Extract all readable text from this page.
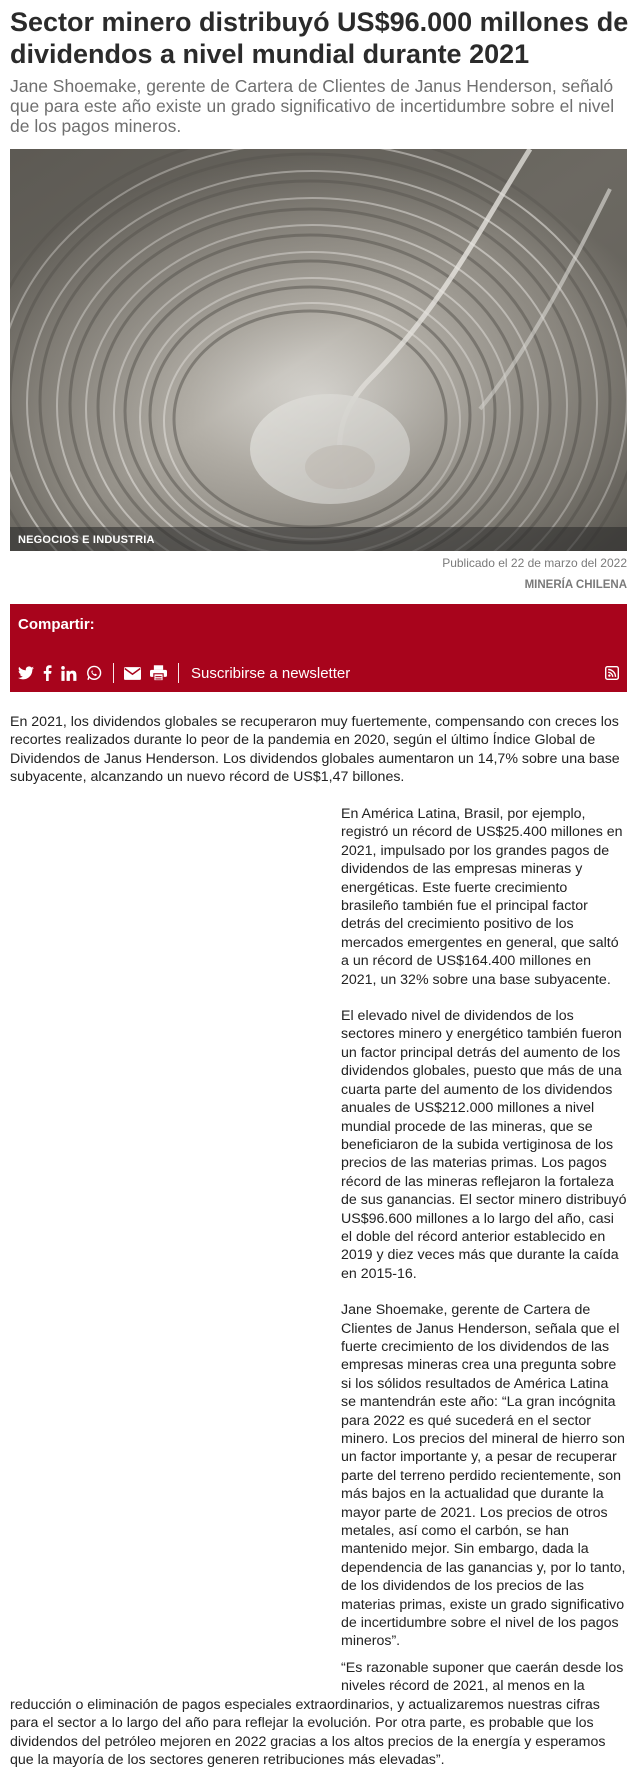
Sector minero distribuyó US$96.000 millones de dividendos a nivel mundial durante 2021

Jane Shoemake, gerente de Cartera de Clientes de Janus Henderson, señaló que para este año existe un grado significativo de incertidumbre sobre el nivel de los pagos mineros.

NEGOCIOS E INDUSTRIA
Publicado el 22 de marzo del 2022
MINERÍA CHILENA
Compartir:
Suscribirse a newsletter

En 2021, los dividendos globales se recuperaron muy fuertemente, compensando con creces los recortes realizados durante lo peor de la pandemia en 2020, según el último Índice Global de Dividendos de Janus Henderson. Los dividendos globales aumentaron un 14,7% sobre una base subyacente, alcanzando un nuevo récord de US$1,47 billones.

En América Latina, Brasil, por ejemplo, registró un récord de US$25.400 millones en 2021, impulsado por los grandes pagos de dividendos de las empresas mineras y energéticas. Este fuerte crecimiento brasileño también fue el principal factor detrás del crecimiento positivo de los mercados emergentes en general, que saltó a un récord de US$164.400 millones en 2021, un 32% sobre una base subyacente.

El elevado nivel de dividendos de los sectores minero y energético también fueron un factor principal detrás del aumento de los dividendos globales, puesto que más de una cuarta parte del aumento de los dividendos anuales de US$212.000 millones a nivel mundial procede de las mineras, que se beneficiaron de la subida vertiginosa de los precios de las materias primas. Los pagos récord de las mineras reflejaron la fortaleza de sus ganancias. El sector minero distribuyó US$96.600 millones a lo largo del año, casi el doble del récord anterior establecido en 2019 y diez veces más que durante la caída en 2015-16.

Jane Shoemake, gerente de Cartera de Clientes de Janus Henderson, señala que el fuerte crecimiento de los dividendos de las empresas mineras crea una pregunta sobre si los sólidos resultados de América Latina se mantendrán este año: “La gran incógnita para 2022 es qué sucederá en el sector minero. Los precios del mineral de hierro son un factor importante y, a pesar de recuperar parte del terreno perdido recientemente, son más bajos en la actualidad que durante la mayor parte de 2021. Los precios de otros metales, así como el carbón, se han mantenido mejor. Sin embargo, dada la dependencia de las ganancias y, por lo tanto, de los dividendos de los precios de las materias primas, existe un grado significativo de incertidumbre sobre el nivel de los pagos mineros”.

“Es razonable suponer que caerán desde los niveles récord de 2021, al menos en la

reducción o eliminación de pagos especiales extraordinarios, y actualizaremos nuestras cifras para el sector a lo largo del año para reflejar la evolución. Por otra parte, es probable que los dividendos del petróleo mejoren en 2022 gracias a los altos precios de la energía y esperamos que la mayoría de los sectores generen retribuciones más elevadas”.
